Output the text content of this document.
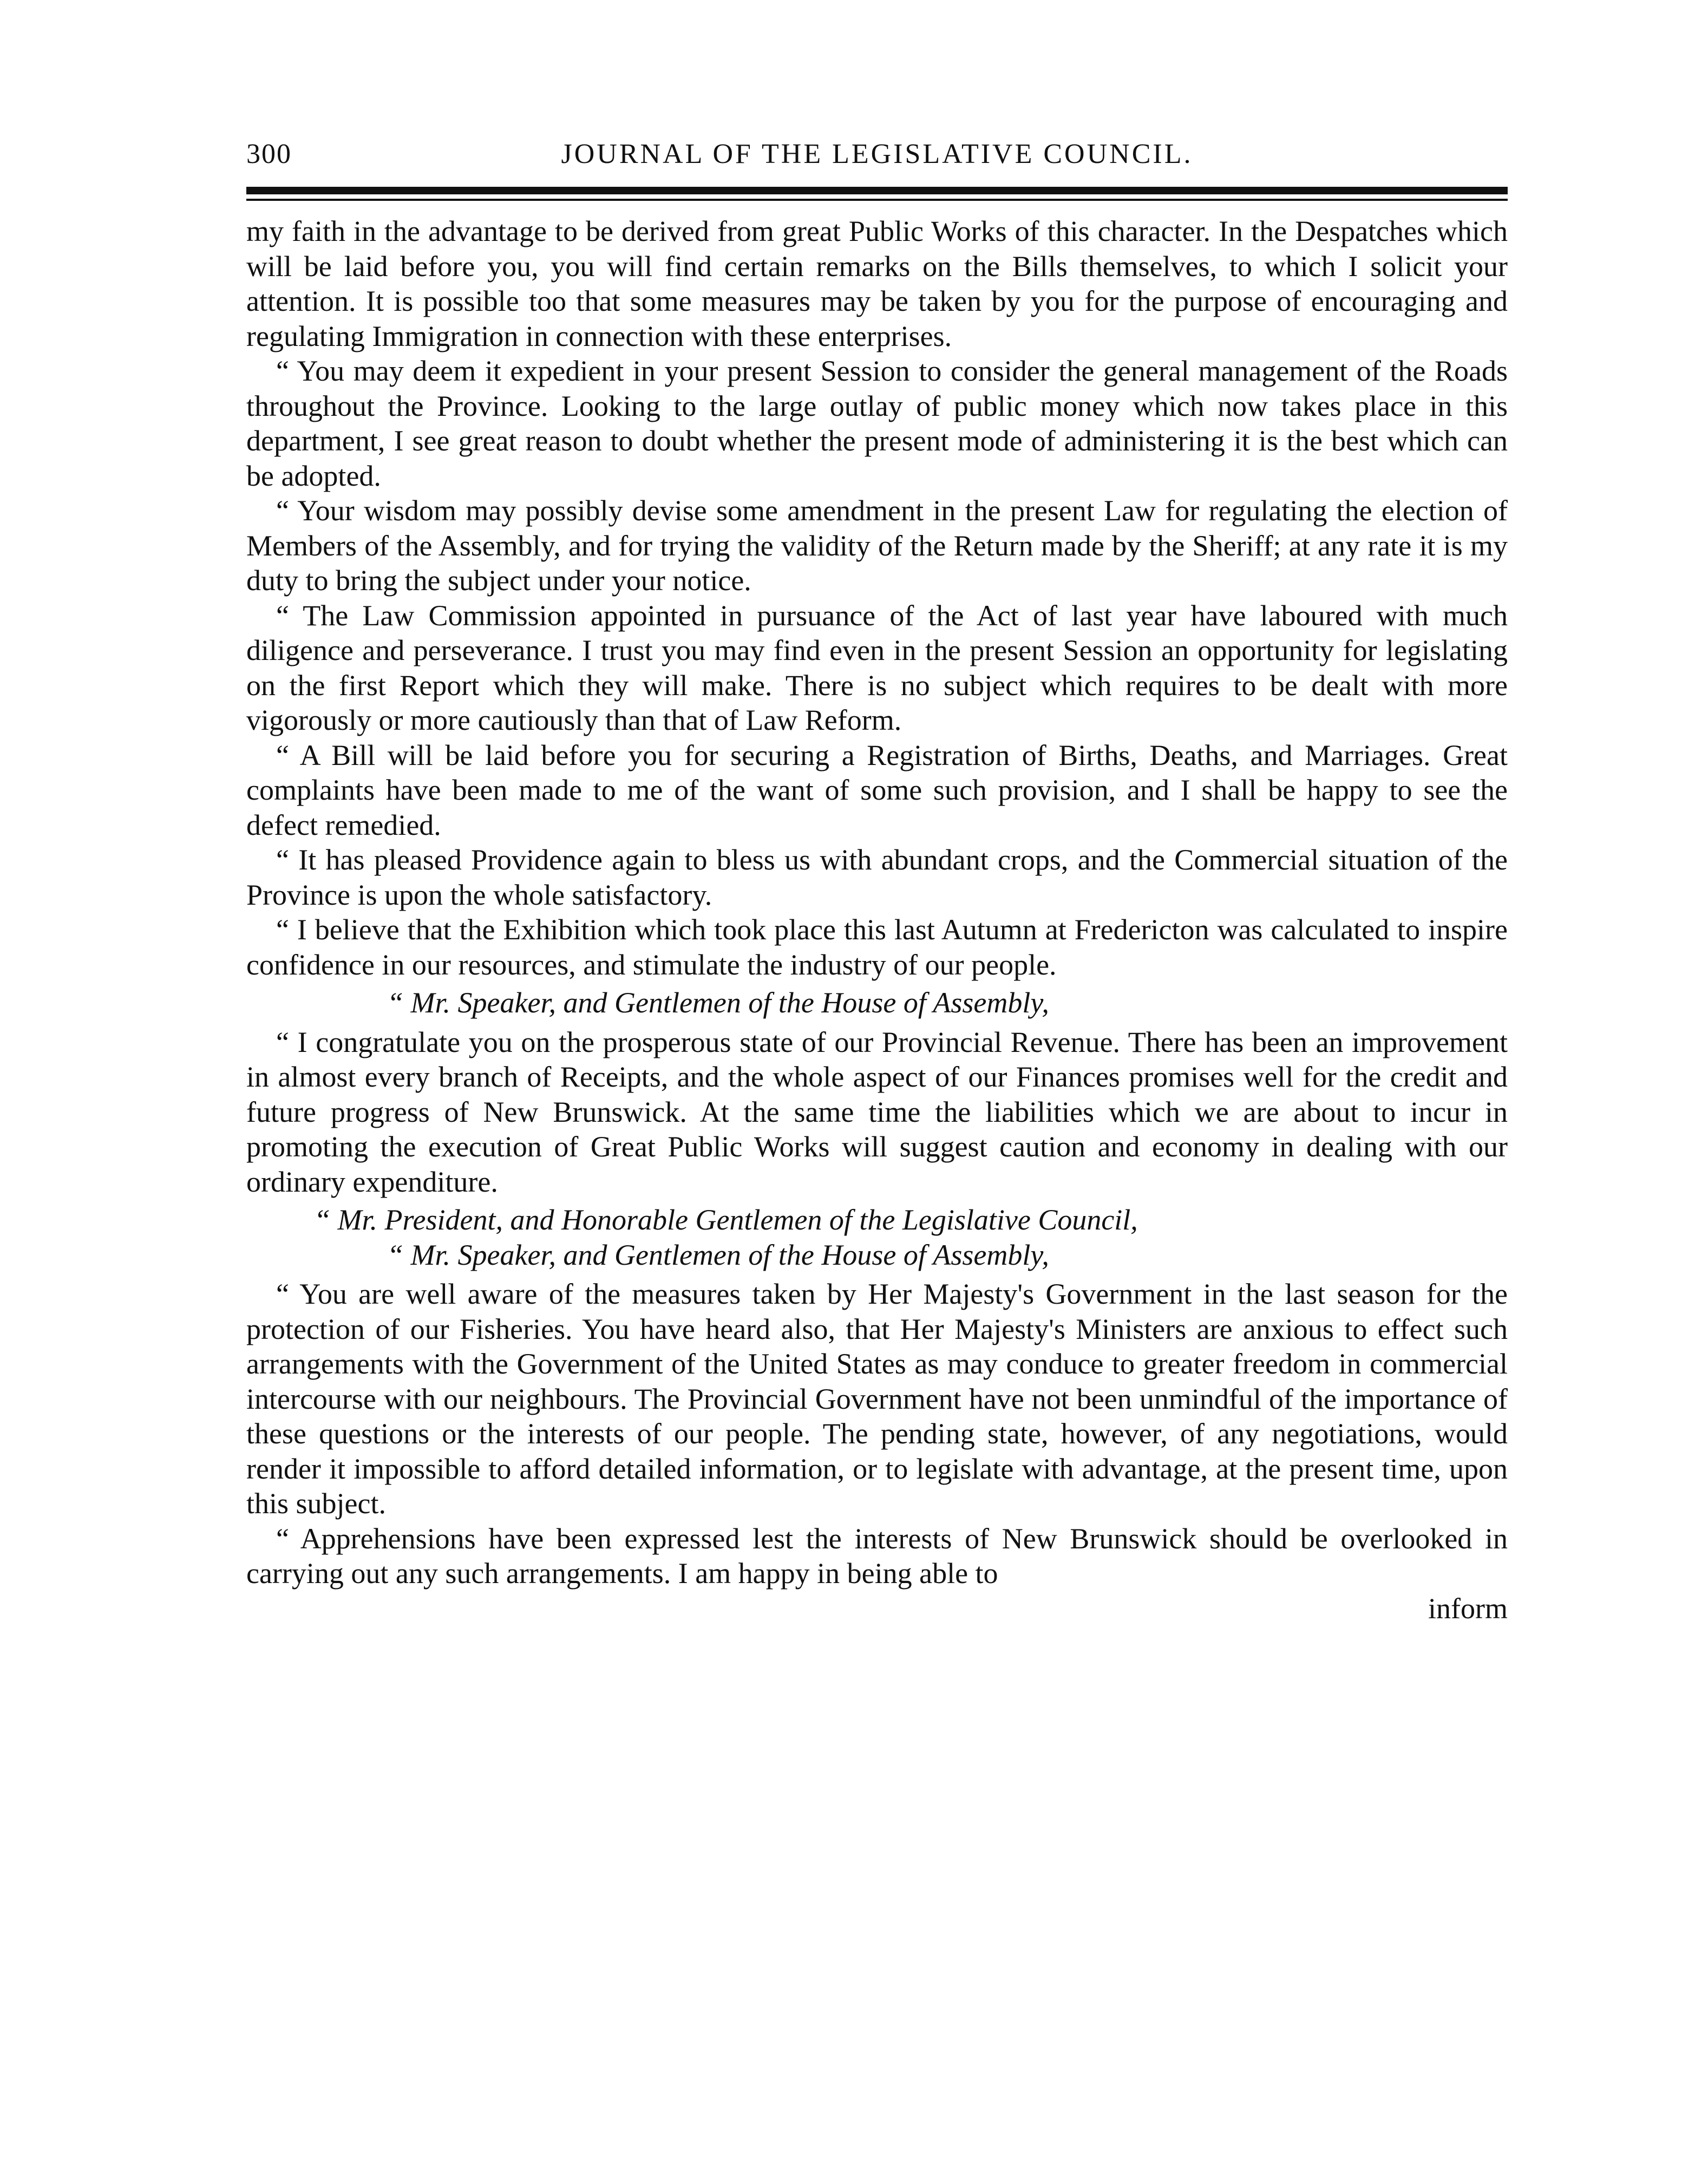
300	JOURNAL OF THE LEGISLATIVE COUNCIL.

my faith in the advantage to be derived from great Public Works of this character. In the Despatches which will be laid before you, you will find certain remarks on the Bills themselves, to which I solicit your attention. It is possible too that some measures may be taken by you for the purpose of encouraging and regulating Immigration in connection with these enterprises.

“ You may deem it expedient in your present Session to consider the general management of the Roads throughout the Province. Looking to the large outlay of public money which now takes place in this department, I see great reason to doubt whether the present mode of administering it is the best which can be adopted.

“ Your wisdom may possibly devise some amendment in the present Law for regulating the election of Members of the Assembly, and for trying the validity of the Return made by the Sheriff; at any rate it is my duty to bring the subject under your notice.

“ The Law Commission appointed in pursuance of the Act of last year have laboured with much diligence and perseverance. I trust you may find even in the present Session an opportunity for legislating on the first Report which they will make. There is no subject which requires to be dealt with more vigorously or more cautiously than that of Law Reform.

“ A Bill will be laid before you for securing a Registration of Births, Deaths, and Marriages. Great complaints have been made to me of the want of some such provision, and I shall be happy to see the defect remedied.

“ It has pleased Providence again to bless us with abundant crops, and the Commercial situation of the Province is upon the whole satisfactory.

“ I believe that the Exhibition which took place this last Autumn at Fredericton was calculated to inspire confidence in our resources, and stimulate the industry of our people.

“ Mr. Speaker, and Gentlemen of the House of Assembly,

“ I congratulate you on the prosperous state of our Provincial Revenue. There has been an improvement in almost every branch of Receipts, and the whole aspect of our Finances promises well for the credit and future progress of New Brunswick. At the same time the liabilities which we are about to incur in promoting the execution of Great Public Works will suggest caution and economy in dealing with our ordinary expenditure.

“ Mr. President, and Honorable Gentlemen of the Legislative Council,

“ Mr. Speaker, and Gentlemen of the House of Assembly,

“ You are well aware of the measures taken by Her Majesty's Government in the last season for the protection of our Fisheries. You have heard also, that Her Majesty's Ministers are anxious to effect such arrangements with the Government of the United States as may conduce to greater freedom in commercial intercourse with our neighbours. The Provincial Government have not been unmindful of the importance of these questions or the interests of our people. The pending state, however, of any negotiations, would render it impossible to afford detailed information, or to legislate with advantage, at the present time, upon this subject.

“ Apprehensions have been expressed lest the interests of New Brunswick should be overlooked in carrying out any such arrangements. I am happy in being able to

inform
